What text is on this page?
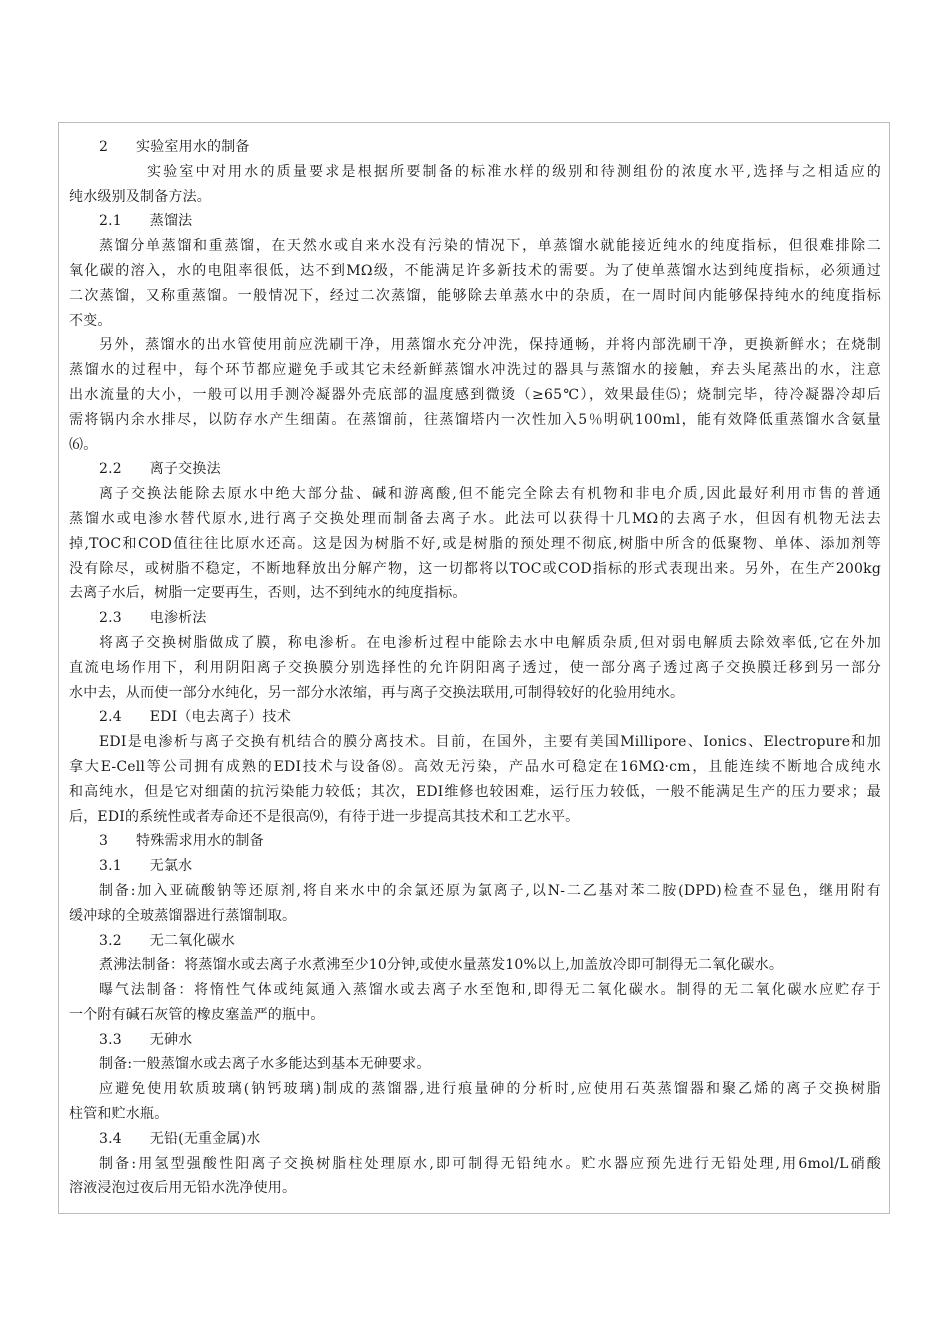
2      实验室用水的制备
实验室中对用水的质量要求是根据所要制备的标准水样的级别和待测组份的浓度水平,选择与之相适应的
纯水级别及制备方法。
2.1      蒸馏法
蒸馏分单蒸馏和重蒸馏，在天然水或自来水没有污染的情况下，单蒸馏水就能接近纯水的纯度指标，但很难排除二
氧化碳的溶入，水的电阻率很低，达不到MΩ级，不能满足许多新技术的需要。为了使单蒸馏水达到纯度指标，必须通过
二次蒸馏，又称重蒸馏。一般情况下，经过二次蒸馏，能够除去单蒸水中的杂质，在一周时间内能够保持纯水的纯度指标
不变。
另外，蒸馏水的出水管使用前应洗刷干净，用蒸馏水充分冲洗，保持通畅，并将内部洗刷干净，更换新鲜水；在烧制
蒸馏水的过程中，每个环节都应避免手或其它未经新鲜蒸馏水冲洗过的器具与蒸馏水的接触，弃去头尾蒸出的水，注意
出水流量的大小，一般可以用手测冷凝器外壳底部的温度感到微烫（≥65℃），效果最佳⑸；烧制完毕，待冷凝器冷却后
需将锅内余水排尽，以防存水产生细菌。在蒸馏前，往蒸馏塔内一次性加入5％明矾100ml，能有效降低重蒸馏水含氨量
⑹。
2.2      离子交换法
离子交换法能除去原水中绝大部分盐、碱和游离酸,但不能完全除去有机物和非电介质,因此最好利用市售的普通
蒸馏水或电渗水替代原水,进行离子交换处理而制备去离子水。此法可以获得十几MΩ的去离子水，但因有机物无法去
掉,TOC和COD值往往比原水还高。这是因为树脂不好,或是树脂的预处理不彻底,树脂中所含的低聚物、单体、添加剂等
没有除尽，或树脂不稳定，不断地释放出分解产物，这一切都将以TOC或COD指标的形式表现出来。另外，在生产200kg
去离子水后，树脂一定要再生，否则，达不到纯水的纯度指标。
2.3      电渗析法
将离子交换树脂做成了膜，称电渗析。在电渗析过程中能除去水中电解质杂质,但对弱电解质去除效率低,它在外加
直流电场作用下，利用阴阳离子交换膜分别选择性的允许阴阳离子透过，使一部分离子透过离子交换膜迁移到另一部分
水中去，从而使一部分水纯化，另一部分水浓缩，再与离子交换法联用,可制得较好的化验用纯水。
2.4      EDI（电去离子）技术
EDI是电渗析与离子交换有机结合的膜分离技术。目前，在国外，主要有美国Millipore、Ionics、Electropure和加
拿大E-Cell等公司拥有成熟的EDI技术与设备⑻。高效无污染，产品水可稳定在16MΩ·cm，且能连续不断地合成纯水
和高纯水，但是它对细菌的抗污染能力较低；其次，EDI维修也较困难，运行压力较低，一般不能满足生产的压力要求；最
后，EDI的系统性或者寿命还不是很高⑼，有待于进一步提高其技术和工艺水平。
3      特殊需求用水的制备
3.1      无氯水
制备:加入亚硫酸钠等还原剂,将自来水中的余氯还原为氯离子,以N-二乙基对苯二胺(DPD)检查不显色，继用附有
缓冲球的全玻蒸馏器进行蒸馏制取。
3.2      无二氧化碳水
煮沸法制备：将蒸馏水或去离子水煮沸至少10分钟,或使水量蒸发10%以上,加盖放冷即可制得无二氧化碳水。
曝气法制备：将惰性气体或纯氮通入蒸馏水或去离子水至饱和,即得无二氧化碳水。制得的无二氧化碳水应贮存于
一个附有碱石灰管的橡皮塞盖严的瓶中。
3.3      无砷水
制备:一般蒸馏水或去离子水多能达到基本无砷要求。
应避免使用软质玻璃(钠钙玻璃)制成的蒸馏器,进行痕量砷的分析时,应使用石英蒸馏器和聚乙烯的离子交换树脂
柱管和贮水瓶。
3.4      无铅(无重金属)水
制备:用氢型强酸性阳离子交换树脂柱处理原水,即可制得无铅纯水。贮水器应预先进行无铅处理,用6mol/L硝酸
溶液浸泡过夜后用无铅水洗净使用。
